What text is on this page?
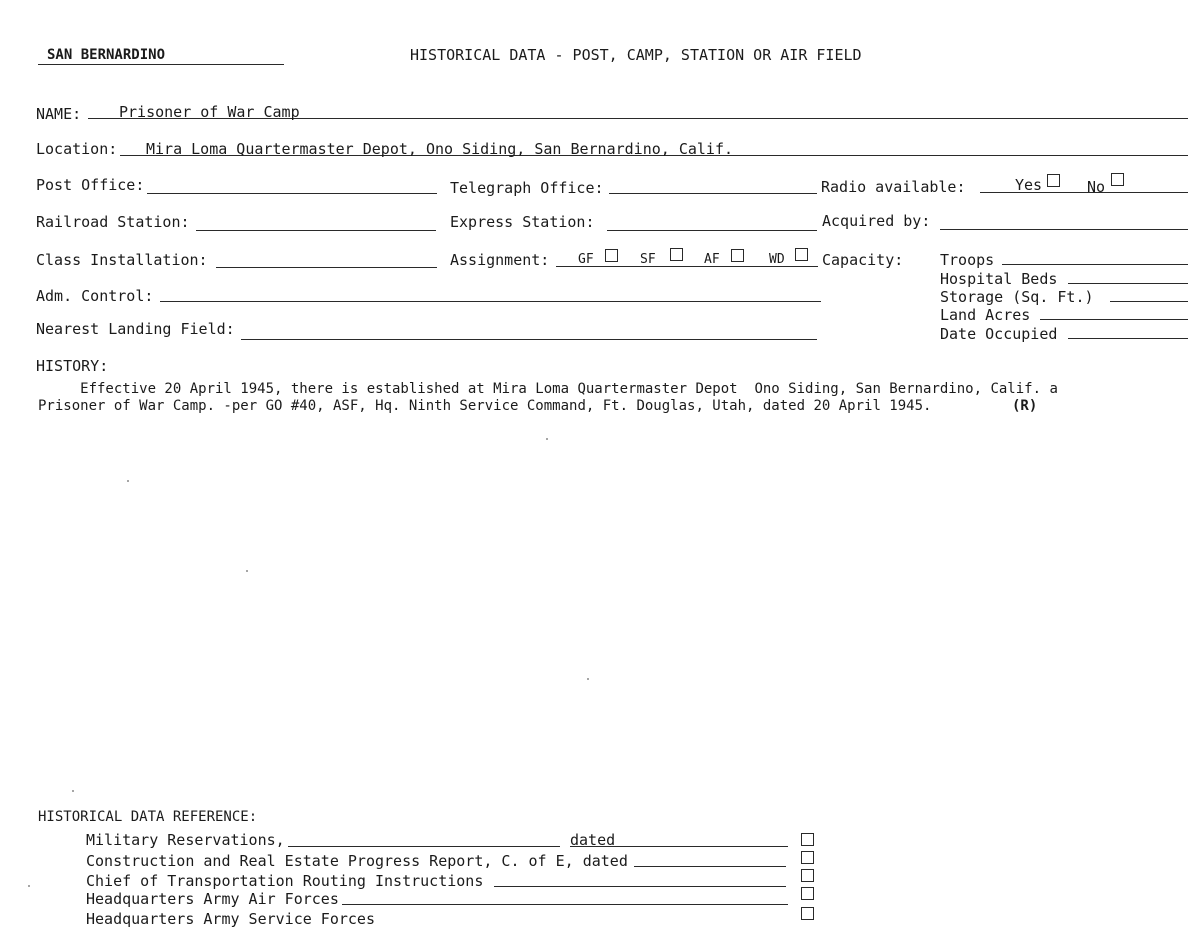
SAN BERNARDINO	HISTORICAL DATA - POST, CAMP, STATION OR AIR FIELD
NAME:	Prisoner of War Camp
Location: Mira Loma Quartermaster Depot, Ono Siding, San Bernardino, Calif.
Post Office:	Telegraph Office:	Radio available:	Yes	No
Railroad Station:	Express Station:	Acquired by:
Class Installation:	Assignment: GF	SF	AF	WD Capacity: Troops
Hospital Beds
Storage (Sq. Ft.)
Land Acres
Date Occupied
Adm. Control:
Nearest Landing Field:
HISTORY:
Effective 20 April 1945, there is established at Mira Loma Quartermaster Depot  Ono Siding, San Bernardino, Calif. a
Prisoner of War Camp. -per GO #40, ASF, Hq. Ninth Service Command, Ft. Douglas, Utah, dated 20 April 1945.	(R)
HISTORICAL DATA REFERENCE:
Military Reservations,	dated
Construction and Real Estate Progress Report, C. of E, dated
Chief of Transportation Routing Instructions
Headquarters Army Air Forces
Headquarters Army Service Forces
